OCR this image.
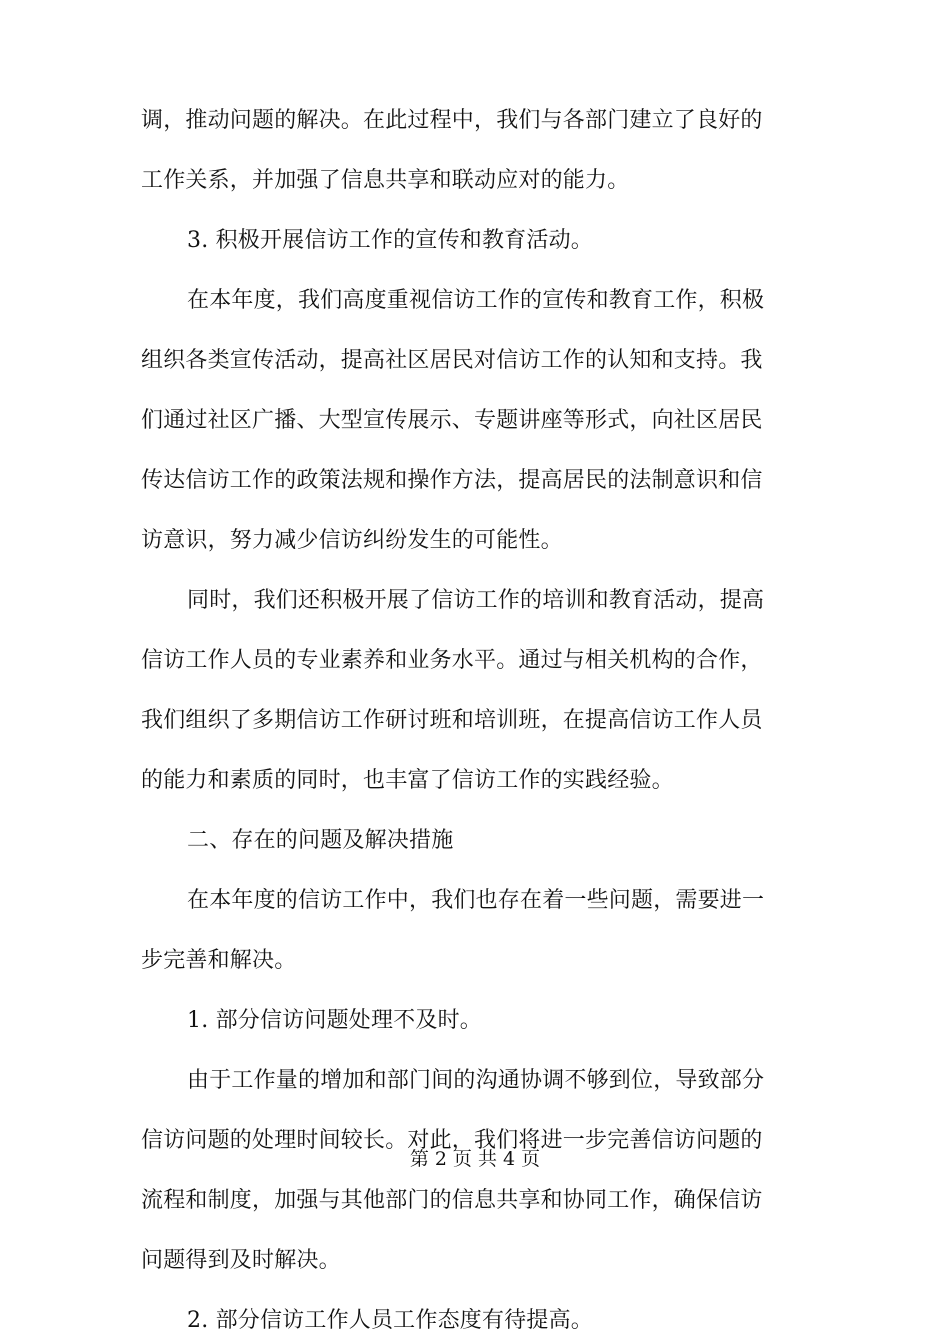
调，推动问题的解决。在此过程中，我们与各部门建立了良好的
工作关系，并加强了信息共享和联动应对的能力。
3. 积极开展信访工作的宣传和教育活动。
在本年度，我们高度重视信访工作的宣传和教育工作，积极
组织各类宣传活动，提高社区居民对信访工作的认知和支持。我
们通过社区广播、大型宣传展示、专题讲座等形式，向社区居民
传达信访工作的政策法规和操作方法，提高居民的法制意识和信
访意识，努力减少信访纠纷发生的可能性。
同时，我们还积极开展了信访工作的培训和教育活动，提高
信访工作人员的专业素养和业务水平。通过与相关机构的合作，
我们组织了多期信访工作研讨班和培训班，在提高信访工作人员
的能力和素质的同时，也丰富了信访工作的实践经验。
二、存在的问题及解决措施
在本年度的信访工作中，我们也存在着一些问题，需要进一
步完善和解决。
1. 部分信访问题处理不及时。
由于工作量的增加和部门间的沟通协调不够到位，导致部分
信访问题的处理时间较长。对此，我们将进一步完善信访问题的
流程和制度，加强与其他部门的信息共享和协同工作，确保信访
问题得到及时解决。
2. 部分信访工作人员工作态度有待提高。
第 2 页 共 4 页
